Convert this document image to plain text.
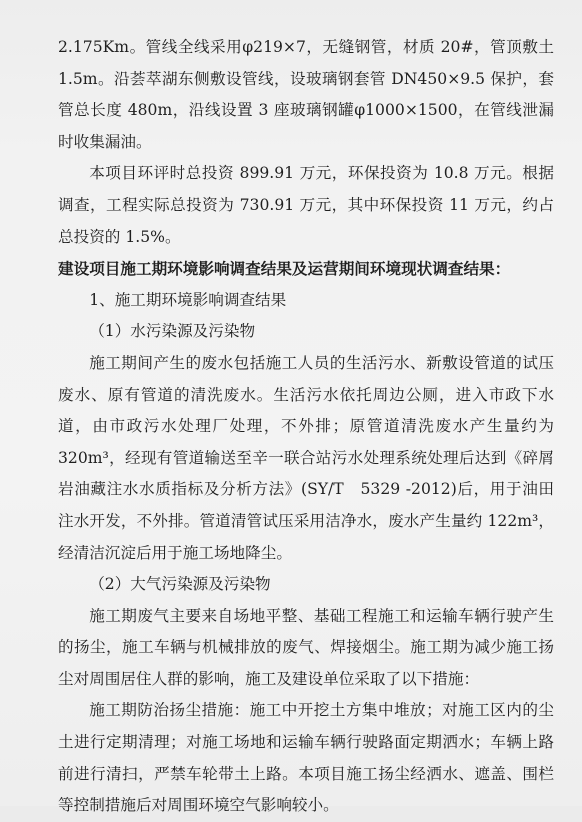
2.175Km。管线全线采用φ219×7，无缝钢管，材质 20#，管顶敷土 1.5m。沿荟萃湖东侧敷设管线，设玻璃钢套管 DN450×9.5 保护，套管总长度 480m，沿线设置 3 座玻璃钢罐φ1000×1500，在管线泄漏时收集漏油。

本项目环评时总投资 899.91 万元，环保投资为 10.8 万元。根据调查，工程实际总投资为 730.91 万元，其中环保投资 11 万元，约占总投资的 1.5%。

建设项目施工期环境影响调查结果及运营期间环境现状调查结果：

1、施工期环境影响调查结果

（1）水污染源及污染物

施工期间产生的废水包括施工人员的生活污水、新敷设管道的试压废水、原有管道的清洗废水。生活污水依托周边公厕，进入市政下水道，由市政污水处理厂处理，不外排；原管道清洗废水产生量约为 320m³，经现有管道输送至辛一联合站污水处理系统处理后达到《碎屑岩油藏注水水质指标及分析方法》(SY/T　5329 -2012)后，用于油田注水开发，不外排。管道清管试压采用洁净水，废水产生量约 122m³，经清洁沉淀后用于施工场地降尘。

（2）大气污染源及污染物

施工期废气主要来自场地平整、基础工程施工和运输车辆行驶产生的扬尘，施工车辆与机械排放的废气、焊接烟尘。施工期为减少施工扬尘对周围居住人群的影响，施工及建设单位采取了以下措施：

施工期防治扬尘措施：施工中开挖土方集中堆放；对施工区内的尘土进行定期清理；对施工场地和运输车辆行驶路面定期洒水；车辆上路前进行清扫，严禁车轮带土上路。本项目施工扬尘经洒水、遮盖、围栏等控制措施后对周围环境空气影响较小。
